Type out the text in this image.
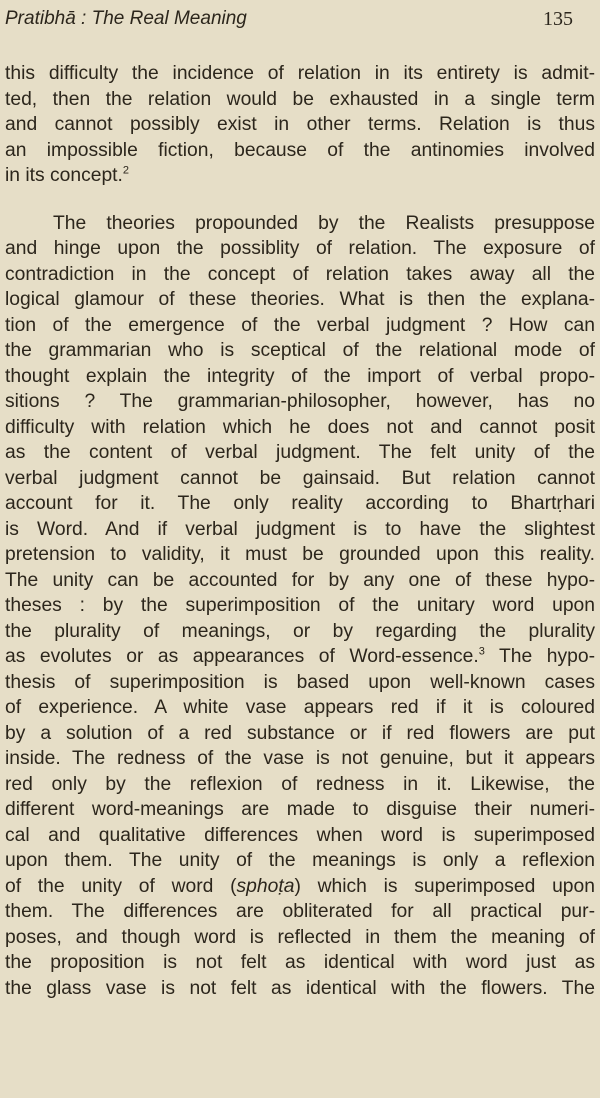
Pratibhā : The Real Meaning	135
this difficulty the incidence of relation in its entirety is admit-
ted, then the relation would be exhausted in a single term
and cannot possibly exist in other terms. Relation is thus
an impossible fiction, because of the antinomies involved
in its concept.$^2$
The theories propounded by the Realists presuppose
and hinge upon the possiblity of relation. The exposure of
contradiction in the concept of relation takes away all the
logical glamour of these theories. What is then the explana-
tion of the emergence of the verbal judgment ? How can
the grammarian who is sceptical of the relational mode of
thought explain the integrity of the import of verbal propo-
sitions ? The grammarian-philosopher, however, has no
difficulty with relation which he does not and cannot posit
as the content of verbal judgment. The felt unity of the
verbal judgment cannot be gainsaid. But relation cannot
account for it. The only reality according to Bhartṛhari
is Word. And if verbal judgment is to have the slightest
pretension to validity, it must be grounded upon this reality.
The unity can be accounted for by any one of these hypo-
theses : by the superimposition of the unitary word upon
the plurality of meanings, or by regarding the plurality
as evolutes or as appearances of Word-essence.$^3$ The hypo-
thesis of superimposition is based upon well-known cases
of experience. A white vase appears red if it is coloured
by a solution of a red substance or if red flowers are put
inside. The redness of the vase is not genuine, but it appears
red only by the reflexion of redness in it. Likewise, the
different word-meanings are made to disguise their numeri-
cal and qualitative differences when word is superimposed
upon them. The unity of the meanings is only a reflexion
of the unity of word (sphoṭa) which is superimposed upon
them. The differences are obliterated for all practical pur-
poses, and though word is reflected in them the meaning of
the proposition is not felt as identical with word just as
the glass vase is not felt as identical with the flowers. The
